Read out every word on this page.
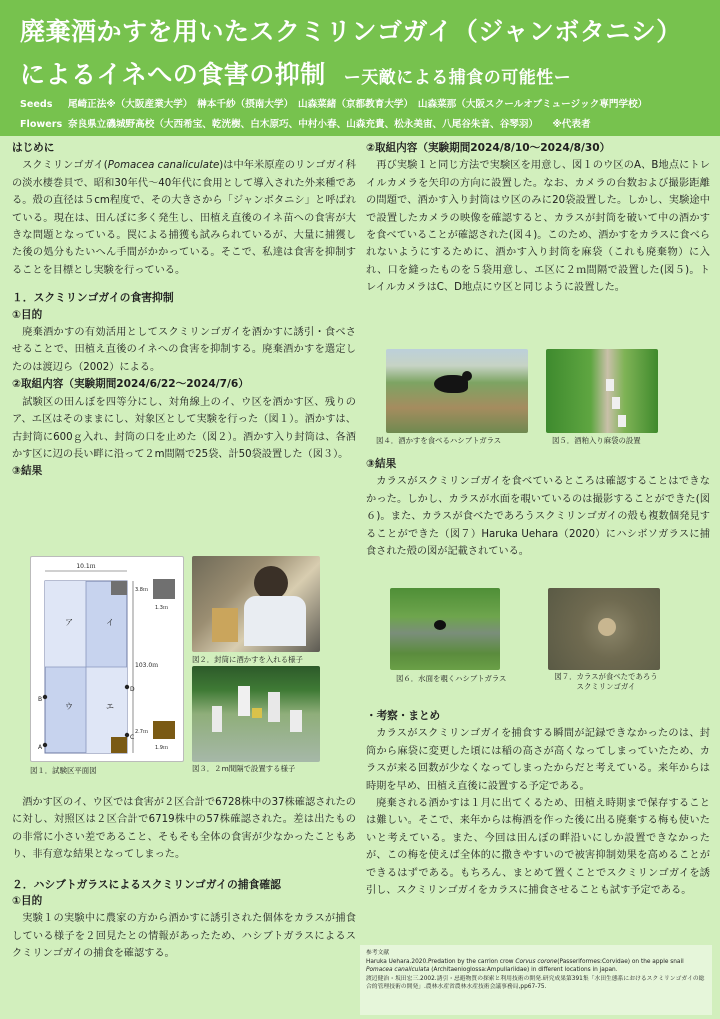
廃棄酒かすを用いたスクミリンゴガイ（ジャンボタニシ）
によるイネへの食害の抑制 ー天敵による捕食の可能性ー
Seeds 尾崎正法※（大阪産業大学）　榊本千紗（摂南大学）　山森菜緒（京都教育大学）　山森菜那（大阪スクールオブミュージック専門学校）
Flowers 奈良県立磯城野高校（大西希宝、乾洸樹、白木原巧、中村小春、山森充貴、松永美宙、八尾谷朱音、谷琴羽）　　※代表者
はじめに

スクミリンゴガイ(Pomacea canaliculate)は中年米原産のリンゴガイ科の淡水棲巻貝で、昭和30年代〜40年代に食用として導入された外来種である。殻の直径は５cm程度で、その大きさから「ジャンボタニシ」と呼ばれている。現在は、田んぼに多く発生し、田植え直後のイネ苗への食害が大きな問題となっている。罠による捕獲も試みられているが、大量に捕獲した後の処分もたいへん手間がかかっている。そこで、私達は食害を抑制することを目標とし実験を行っている。

１．スクミリンゴガイの食害抑制
①目的

廃棄酒かすの有効活用としてスクミリンゴガイを酒かすに誘引・食べさせることで、田植え直後のイネへの食害を抑制する。廃棄酒かすを選定したのは渡辺ら（2002）による。

②取組内容（実験期間2024/6/22〜2024/7/6）

試験区の田んぼを四等分にし、対角線上のイ、ウ区を酒かす区、残りのア、エ区はそのままにし、対象区として実験を行った（図１）。酒かすは、古封筒に600ｇ入れ、封筒の口を止めた（図２）。酒かす入り封筒は、各酒かす区に辺の長い畔に沿って２m間隔で25袋、計50袋設置した（図３）。

③結果
10.1ｍ
103.0ｍ
ア	イ
ウ	エ
A
B
C
D
3.8ｍ
1.3ｍ
2.7ｍ
1.9ｍ
図１．試験区平面図
図２．封筒に酒かすを入れる様子
図３．２m間隔で設置する様子

酒かす区のイ、ウ区では食害が２区合計で6728株中の37株確認されたのに対し、対照区は２区合計で6719株中の57株確認された。差は出たものの非常に小さい差であること、そもそも全体の食害が少なかったこともあり、非有意な結果となってしまった。

２．ハシブトガラスによるスクミリンゴガイの捕食確認
①目的

実験１の実験中に農家の方から酒かすに誘引された個体をカラスが捕食している様子を２回見たとの情報があったため、ハシブトガラスによるスクミリンゴガイの捕食を確認する。

②取組内容（実験期間2024/8/10〜2024/8/30）

再び実験１と同じ方法で実験区を用意し、図１のウ区のA、B地点にトレイルカメラを矢印の方向に設置した。なお、カメラの台数および撮影距離の問題で、酒かす入り封筒はウ区のみに20袋設置した。しかし、実験途中で設置したカメラの映像を確認すると、カラスが封筒を破いて中の酒かすを食べていることが確認された(図４)。このため、酒かすをカラスに食べられないようにするために、酒かす入り封筒を麻袋（これも廃棄物）に入れ、口を縫ったものを５袋用意し、エ区に２ｍ間隔で設置した(図５)。トレイルカメラはC、D地点にウ区と同じように設置した。

図４．酒かすを食べるハシブトガラス	図５．酒粕入り麻袋の設置
③結果

カラスがスクミリンゴガイを食べているところは確認することはできなかった。しかし、カラスが水面を覗いているのは撮影することができた(図６)。また、カラスが食べたであろうスクミリンゴガイの殻も複数個発見することができた（図７）Haruka Uehara（2020）にハシボソガラスに捕食された殻の図が記載されている。

図６．水面を覗くハシブトガラス	図７．カラスが食べたであろう
スクミリンゴガイ
・考察・まとめ

カラスがスクミリンゴガイを捕食する瞬間が記録できなかったのは、封筒から麻袋に変更した頃には稲の高さが高くなってしまっていたため、カラスが来る回数が少なくなってしまったからだと考えている。来年からは時期を早め、田植え直後に設置する予定である。

廃棄される酒かすは１月に出てくるため、田植え時期まで保存することは難しい。そこで、来年からは梅酒を作った後に出る廃棄する梅も使いたいと考えている。また、今回は田んぼの畔沿いにしか設置できなかったが、この梅を使えば全体的に撒きやすいので被害抑制効果を高めることができるはずである。もちろん、まとめて置くことでスクミリンゴガイを誘引し、スクミリンゴガイをカラスに捕食させることも試す予定である。

参考文献
Haruka Uehara.2020.Predation by the carrion crow Corvus corone(Passeriformes:Corvidae) on the apple snail Pomacea canaliculata (Architaenioglossa:Ampullariidae) in different locations in japan．
渡辺健治・坂田宏三.2002.誘引・忌避物質の探索と利用技術の開発.研究成果第391集「水田生態系におけるスクミリンゴガイの総合的管理技術の開発」.農林水産省農林水産技術会議事務局,pp67-75.
